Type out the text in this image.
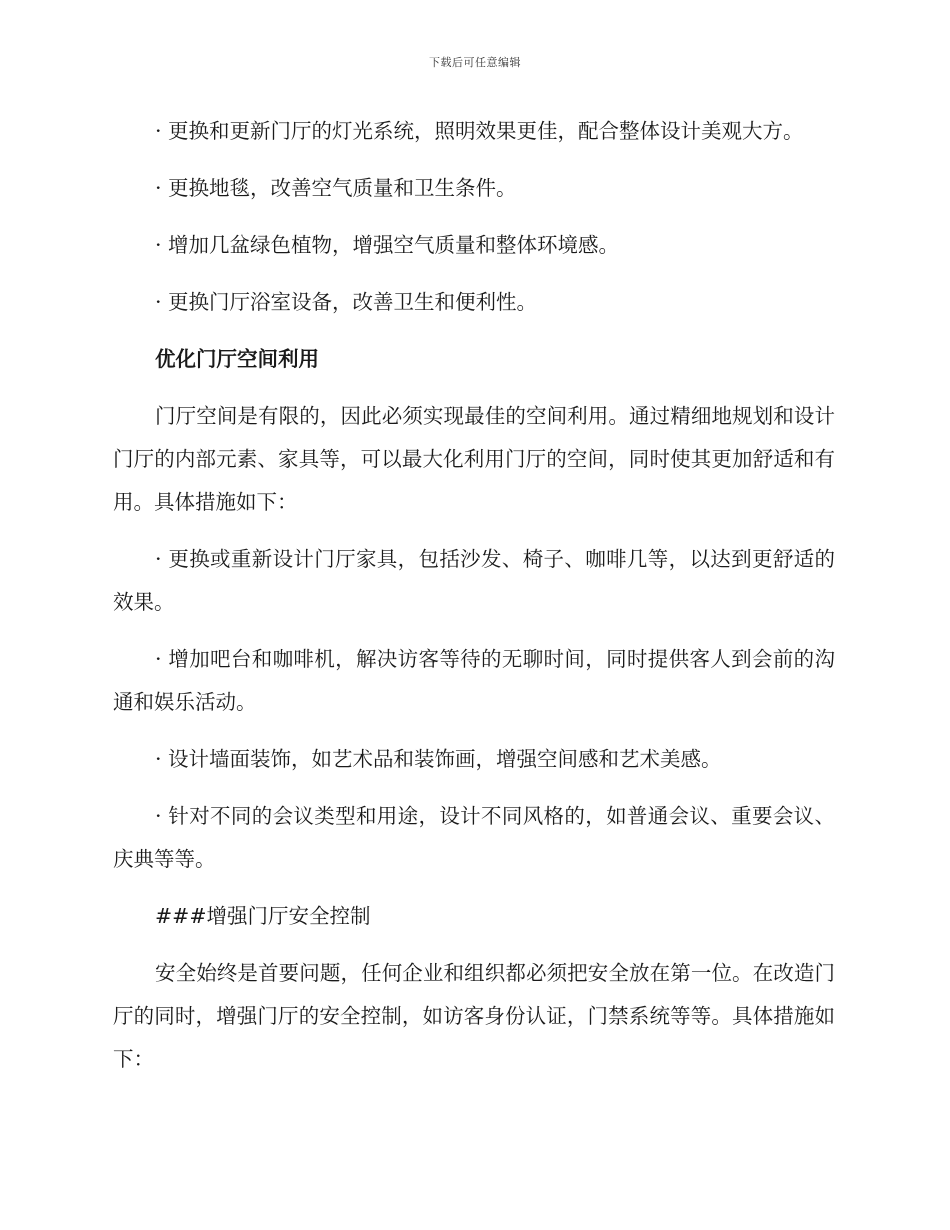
下载后可任意编辑

· 更换和更新门厅的灯光系统，照明效果更佳，配合整体设计美观大方。

· 更换地毯，改善空气质量和卫生条件。

· 增加几盆绿色植物，增强空气质量和整体环境感。

· 更换门厅浴室设备，改善卫生和便利性。

优化门厅空间利用

门厅空间是有限的，因此必须实现最佳的空间利用。通过精细地规划和设计门厅的内部元素、家具等，可以最大化利用门厅的空间，同时使其更加舒适和有用。具体措施如下：

· 更换或重新设计门厅家具，包括沙发、椅子、咖啡几等，以达到更舒适的效果。

· 增加吧台和咖啡机，解决访客等待的无聊时间，同时提供客人到会前的沟通和娱乐活动。

· 设计墙面装饰，如艺术品和装饰画，增强空间感和艺术美感。

· 针对不同的会议类型和用途，设计不同风格的，如普通会议、重要会议、庆典等等。

###增强门厅安全控制

安全始终是首要问题，任何企业和组织都必须把安全放在第一位。在改造门厅的同时，增强门厅的安全控制，如访客身份认证，门禁系统等等。具体措施如下：
